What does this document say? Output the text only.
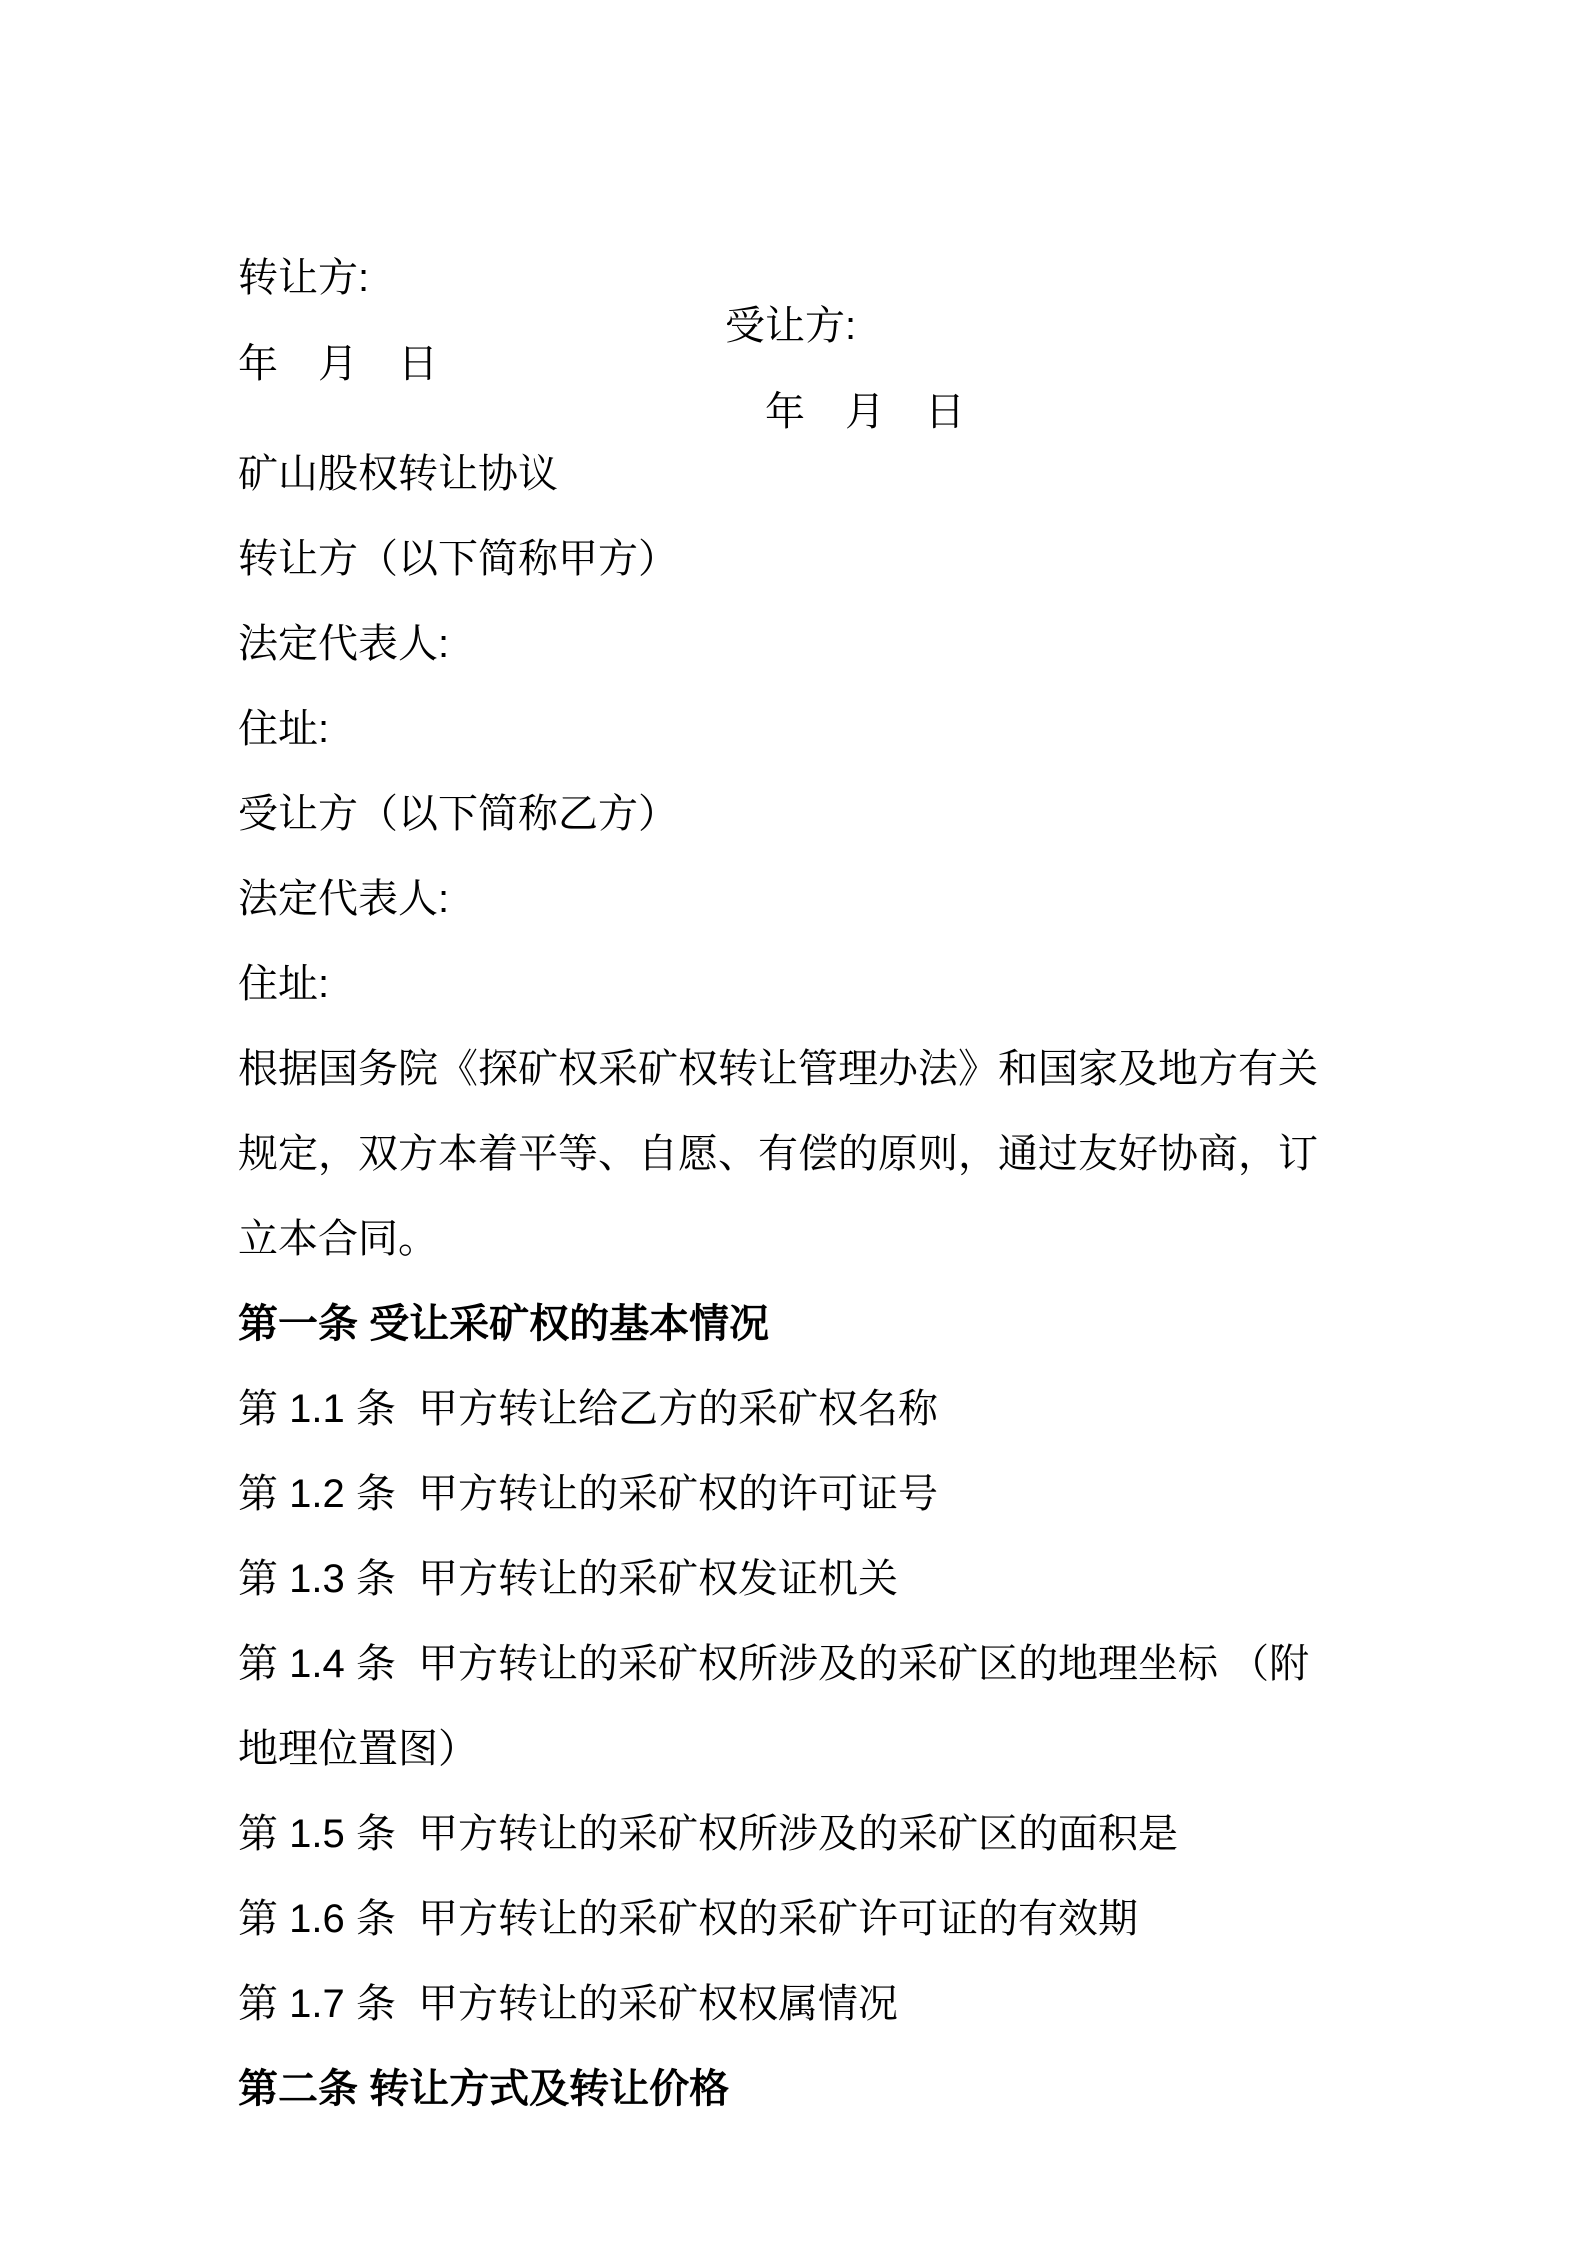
转让方:

受让方:

年　月　日

年　月　日

矿山股权转让协议

转让方（以下简称甲方）

法定代表人:

住址:

受让方（以下简称乙方）

法定代表人:

住址:

根据国务院《探矿权采矿权转让管理办法》和国家及地方有关规定，双方本着平等、自愿、有偿的原则，通过友好协商，订立本合同。

第一条 受让采矿权的基本情况

第 1.1 条  甲方转让给乙方的采矿权名称

第 1.2 条  甲方转让的采矿权的许可证号

第 1.3 条  甲方转让的采矿权发证机关

第 1.4 条  甲方转让的采矿权所涉及的采矿区的地理坐标 （附地理位置图）

第 1.5 条  甲方转让的采矿权所涉及的采矿区的面积是

第 1.6 条  甲方转让的采矿权的采矿许可证的有效期

第 1.7 条  甲方转让的采矿权权属情况

第二条 转让方式及转让价格
